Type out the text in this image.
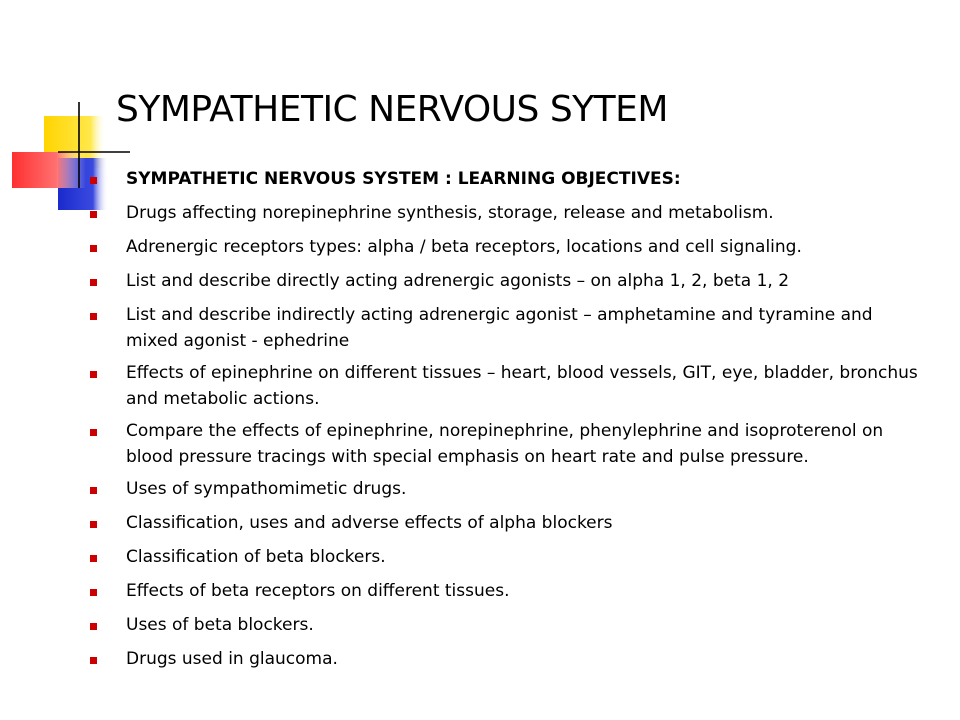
SYMPATHETIC NERVOUS SYTEM
SYMPATHETIC NERVOUS SYSTEM : LEARNING OBJECTIVES:
Drugs affecting norepinephrine synthesis, storage, release and metabolism.
Adrenergic receptors types: alpha / beta receptors, locations and cell signaling.
List and describe directly acting adrenergic agonists – on alpha 1, 2, beta 1, 2
List and describe indirectly acting adrenergic agonist – amphetamine and tyramine and mixed agonist - ephedrine
Effects of epinephrine on different tissues – heart, blood vessels, GIT, eye, bladder, bronchus and metabolic actions.
Compare the effects of epinephrine, norepinephrine, phenylephrine and isoproterenol on blood pressure tracings with special emphasis on heart rate and pulse pressure.
Uses of sympathomimetic drugs.
Classification, uses and adverse effects of alpha blockers
Classification of beta blockers.
Effects of beta receptors on different tissues.
Uses of beta blockers.
Drugs used in glaucoma.
